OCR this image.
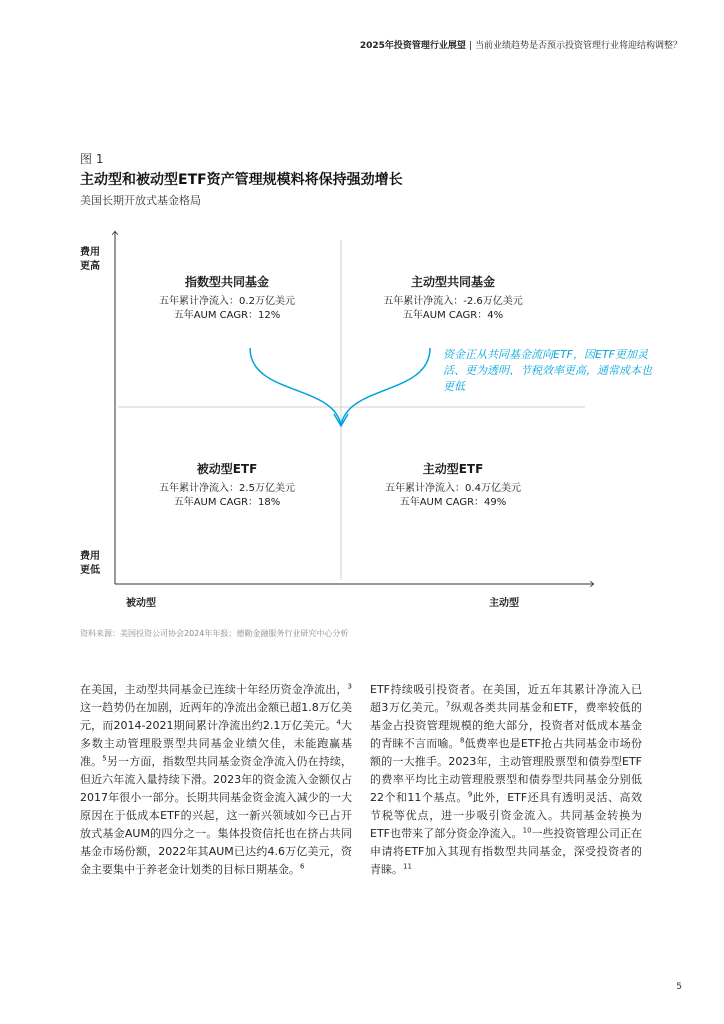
2025年投资管理行业展望 | 当前业绩趋势是否预示投资管理行业将迎结构调整？
图 1
主动型和被动型ETF资产管理规模料将保持强劲增长
美国长期开放式基金格局
费用
更高
费用
更低
被动型	主动型
指数型共同基金
五年累计净流入：0.2万亿美元
五年AUM CAGR：12%
主动型共同基金
五年累计净流入：-2.6万亿美元
五年AUM CAGR：4%
被动型ETF
五年累计净流入：2.5万亿美元
五年AUM CAGR：18%
主动型ETF
五年累计净流入：0.4万亿美元
五年AUM CAGR：49%
资金正从共同基金流向ETF，因ETF更加灵活、更为透明、节税效率更高，通常成本也更低
资料来源：美国投资公司协会2024年年报；德勤金融服务行业研究中心分析
在美国，主动型共同基金已连续十年经历资金净流出，$^3$这一趋势仍在加剧，近两年的净流出金额已超1.8万亿美元，而2014-2021期间累计净流出约2.1万亿美元。$^4$大多数主动管理股票型共同基金业绩欠佳，未能跑赢基准。$^5$另一方面，指数型共同基金资金净流入仍在持续，但近六年流入量持续下滑。2023年的资金流入金额仅占2017年很小一部分。长期共同基金资金流入减少的一大原因在于低成本ETF的兴起，这一新兴领域如今已占开放式基金AUM的四分之一。集体投资信托也在挤占共同基金市场份额，2022年其AUM已达约4.6万亿美元，资金主要集中于养老金计划类的目标日期基金。$^6$
ETF持续吸引投资者。在美国，近五年其累计净流入已超3万亿美元。$^7$纵观各类共同基金和ETF，费率较低的基金占投资管理规模的绝大部分，投资者对低成本基金的青睐不言而喻。$^8$低费率也是ETF抢占共同基金市场份额的一大推手。2023年，主动管理股票型和债券型ETF的费率平均比主动管理股票型和债券型共同基金分别低22个和11个基点。$^9$此外，ETF还具有透明灵活、高效节税等优点，进一步吸引资金流入。共同基金转换为ETF也带来了部分资金净流入。$^{10}$一些投资管理公司正在申请将ETF加入其现有指数型共同基金，深受投资者的青睐。$^{11}$
5
